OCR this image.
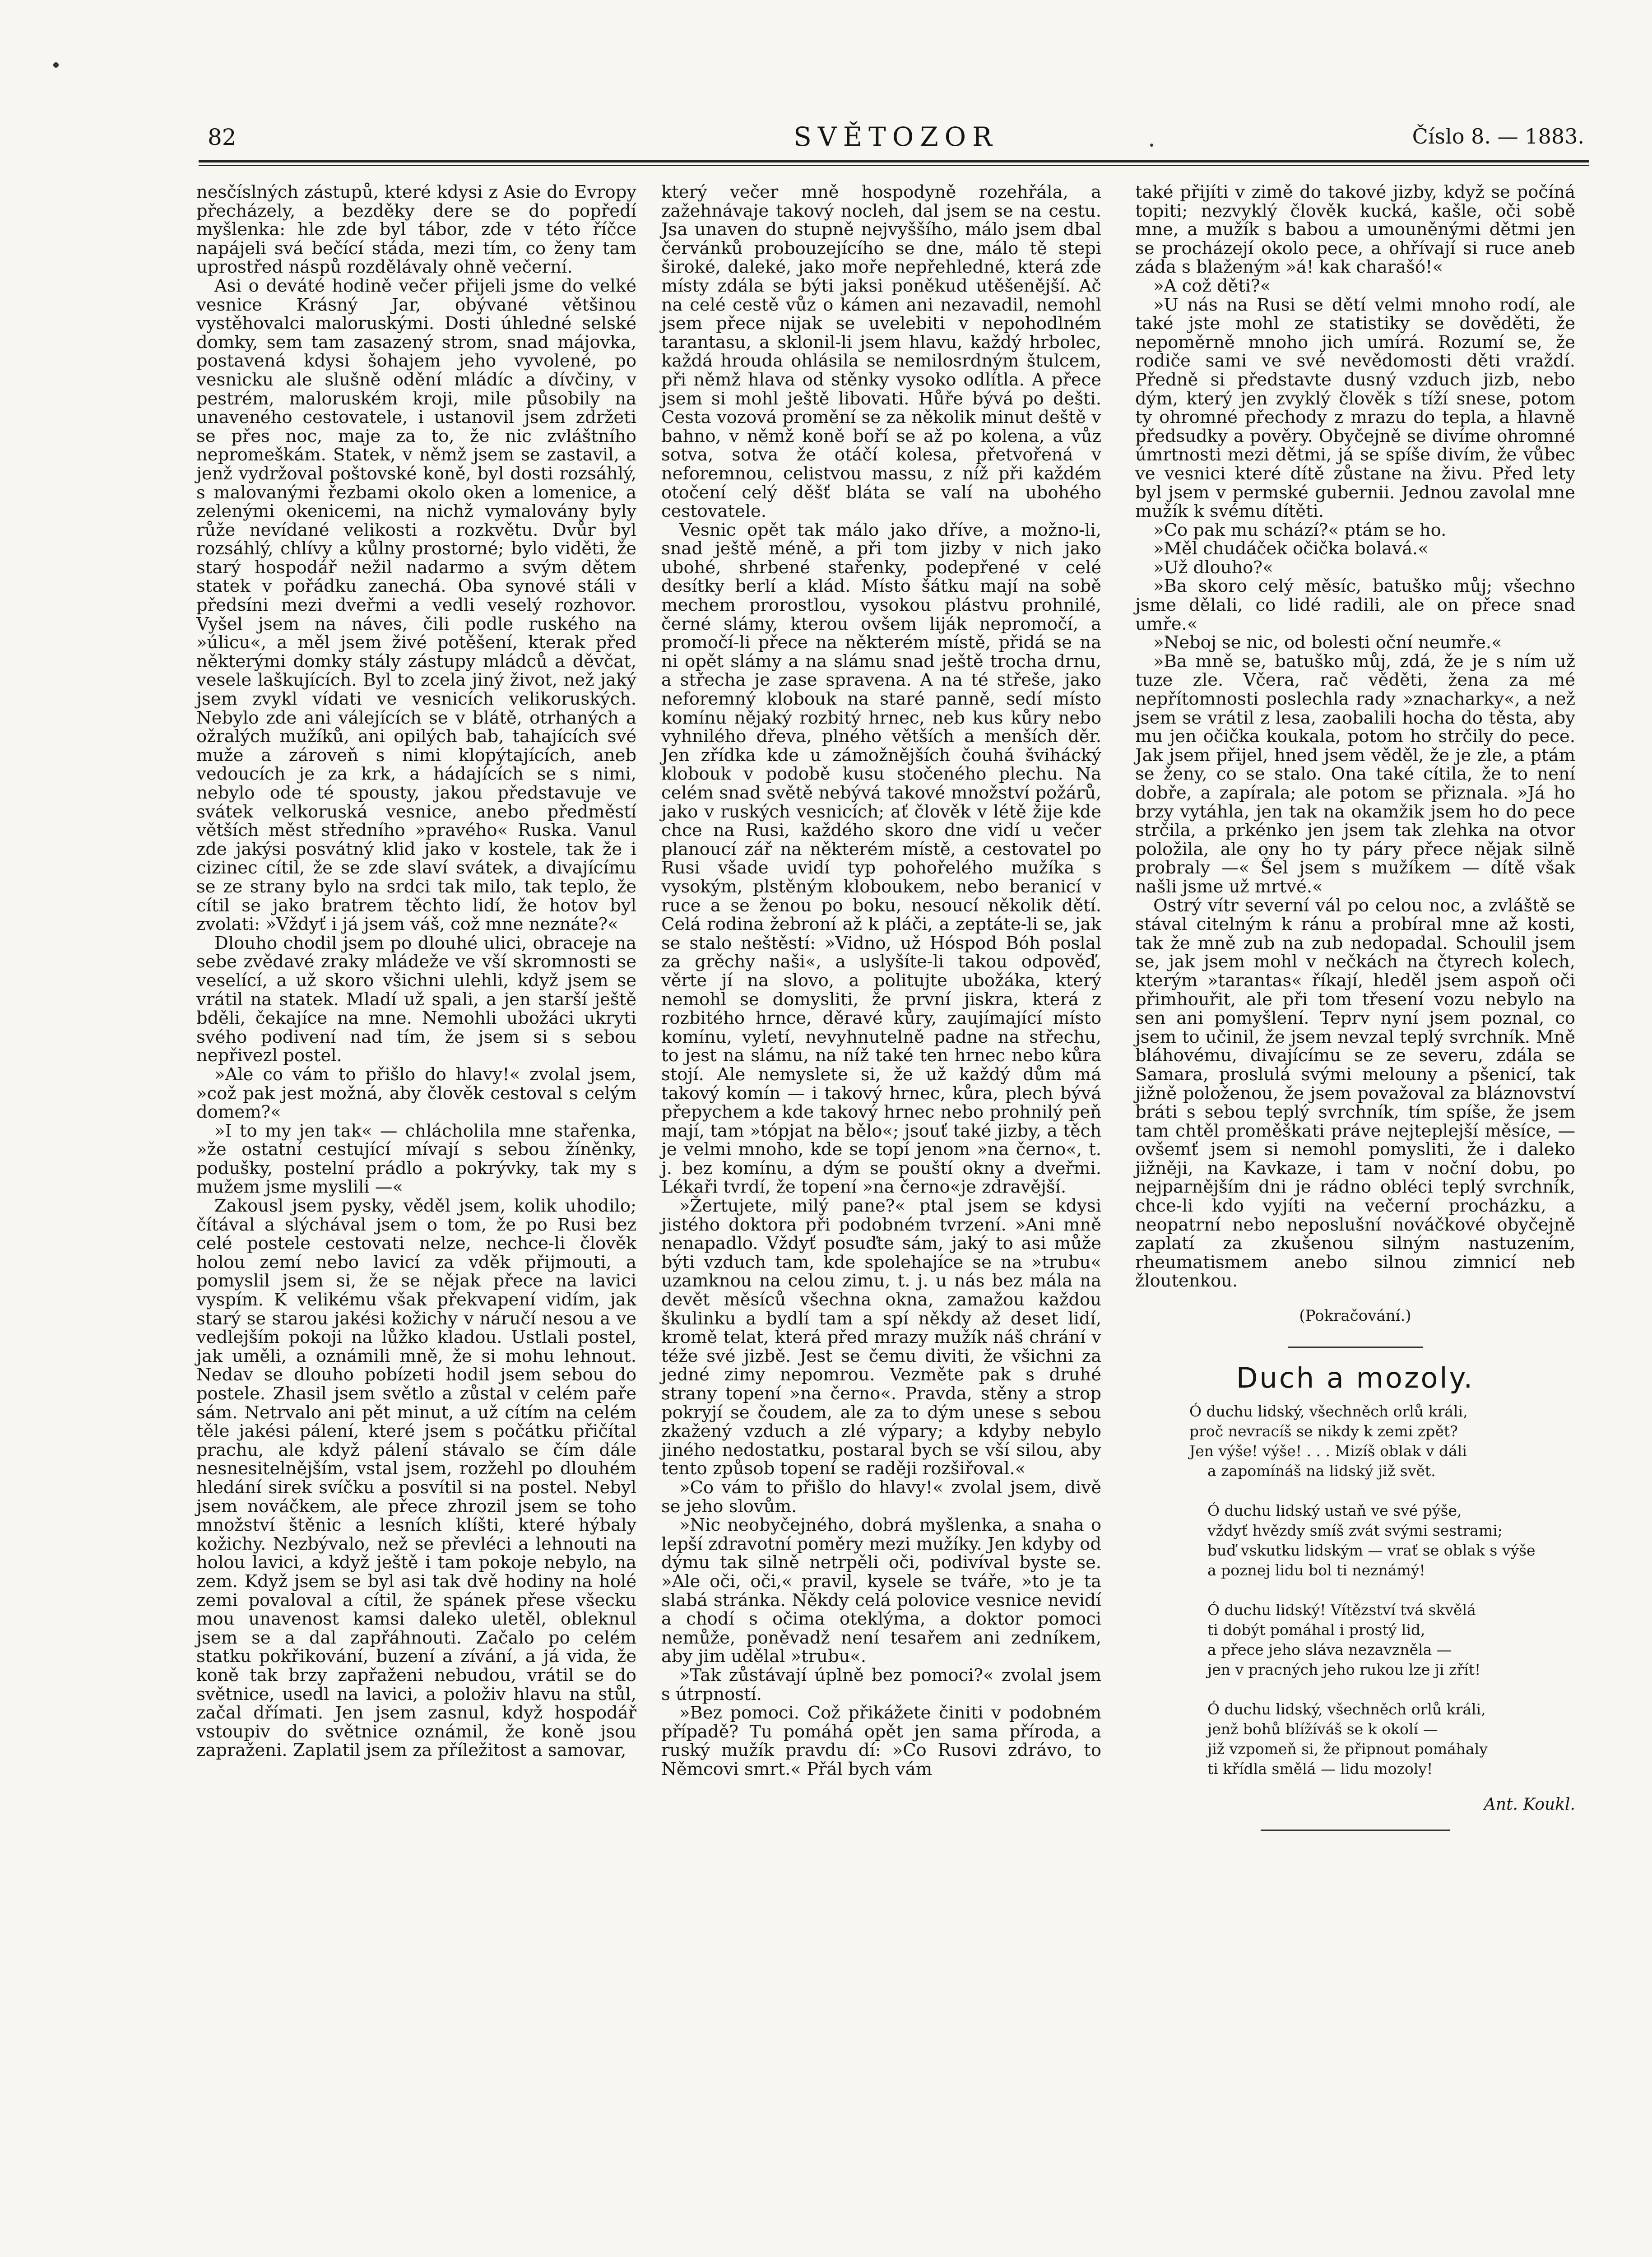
82	SVĚTOZOR	Číslo 8. — 1883.

nesčíslných zástupů, které kdysi z Asie do Evropy přecházely, a bezděky dere se do popředí myšlenka: hle zde byl tábor, zde v této říčce napájeli svá bečící stáda, mezi tím, co ženy tam uprostřed náspů rozdělávaly ohně večerní.

Asi o deváté hodině večer přijeli jsme do velké vesnice Krásný Jar, obývané většinou vystěhovalci maloruskými. Dosti úhledné selské domky, sem tam zasazený strom, snad májovka, postavená kdysi šohajem jeho vyvolené, po vesnicku ale slušně odění mládíc a dívčiny, v pestrém, maloruském kroji, mile působily na unaveného cestovatele, i ustanovil jsem zdržeti se přes noc, maje za to, že nic zvláštního nepromeškám. Statek, v němž jsem se zastavil, a jenž vydržoval poštovské koně, byl dosti rozsáhlý, s malovanými řezbami okolo oken a lomenice, a zelenými okenicemi, na nichž vymalovány byly růže nevídané velikosti a rozkvětu. Dvůr byl rozsáhlý, chlívy a kůlny prostorné; bylo viděti, že starý hospodář nežil nadarmo a svým dětem statek v pořádku zanechá. Oba synové stáli v předsíni mezi dveřmi a vedli veselý rozhovor. Vyšel jsem na náves, čili podle ruského na »úlicu«, a měl jsem živé potěšení, kterak před některými domky stály zástupy mládců a děvčat, vesele laškujících. Byl to zcela jiný život, než jaký jsem zvykl vídati ve vesnicích velikoruských. Nebylo zde ani válejících se v blátě, otrhaných a ožralých mužíků, ani opilých bab, tahajících své muže a zároveň s nimi klopýtajících, aneb vedoucích je za krk, a hádajících se s nimi, nebylo ode té spousty, jakou představuje ve svátek velkoruská vesnice, anebo předměstí větších měst středního »pravého« Ruska. Vanul zde jakýsi posvátný klid jako v kostele, tak že i cizinec cítil, že se zde slaví svátek, a divajícímu se ze strany bylo na srdci tak milo, tak teplo, že cítil se jako bratrem těchto lidí, že hotov byl zvolati: »Vždyť i já jsem váš, což mne neznáte?«

Dlouho chodil jsem po dlouhé ulici, obraceje na sebe zvědavé zraky mládeže ve vší skromnosti se veselící, a už skoro všichni ulehli, když jsem se vrátil na statek. Mladí už spali, a jen starší ještě bděli, čekajíce na mne. Nemohli ubožáci ukryti svého podivení nad tím, že jsem si s sebou nepřivezl postel.

»Ale co vám to přišlo do hlavy!« zvolal jsem, »což pak jest možná, aby člověk cestoval s celým domem?«

»I to my jen tak« — chlácholila mne stařenka, »že ostatní cestující mívají s sebou žíněnky, podušky, postelní prádlo a pokrývky, tak my s mužem jsme myslili —«

Zakousl jsem pysky, věděl jsem, kolik uhodilo; čítával a slýchával jsem o tom, že po Rusi bez celé postele cestovati nelze, nechce-li člověk holou zemí nebo lavicí za vděk přijmouti, a pomyslil jsem si, že se nějak přece na lavici vyspím. K velikému však překvapení vidím, jak starý se starou jakési kožichy v náručí nesou a ve vedlejším pokoji na lůžko kladou. Ustlali postel, jak uměli, a oznámili mně, že si mohu lehnout. Nedav se dlouho pobízeti hodil jsem sebou do postele. Zhasil jsem světlo a zůstal v celém paře sám. Netrvalo ani pět minut, a už cítím na celém těle jakési pálení, které jsem s počátku přičítal prachu, ale když pálení stávalo se čím dále nesnesitelnějším, vstal jsem, rozžehl po dlouhém hledání sirek svíčku a posvítil si na postel. Nebyl jsem nováčkem, ale přece zhrozil jsem se toho množství štěnic a lesních klíšti, které hýbaly kožichy. Nezbývalo, než se převléci a lehnouti na holou lavici, a když ještě i tam pokoje nebylo, na zem. Když jsem se byl asi tak dvě hodiny na holé zemi povaloval a cítil, že spánek přese všecku mou unavenost kamsi daleko uletěl, obleknul jsem se a dal zapřáhnouti. Začalo po celém statku pokřikování, buzení a zívání, a já vida, že koně tak brzy zapřaženi nebudou, vrátil se do světnice, usedl na lavici, a položiv hlavu na stůl, začal dřímati. Jen jsem zasnul, když hospodář vstoupiv do světnice oznámil, že koně jsou zapraženi. Zaplatil jsem za příležitost a samovar,

který večer mně hospodyně rozehřála, a zažehnávaje takový nocleh, dal jsem se na cestu. Jsa unaven do stupně nejvyššího, málo jsem dbal červánků probouzejícího se dne, málo tě stepi široké, daleké, jako moře nepřehledné, která zde místy zdála se býti jaksi poněkud utěšenější. Ač na celé cestě vůz o kámen ani nezavadil, nemohl jsem přece nijak se uvelebiti v nepohodlném tarantasu, a sklonil-li jsem hlavu, každý hrbolec, každá hrouda ohlásila se nemilosrdným štulcem, při němž hlava od stěnky vysoko odlítla. A přece jsem si mohl ještě libovati. Hůře bývá po dešti. Cesta vozová promění se za několik minut deště v bahno, v němž koně boří se až po kolena, a vůz sotva, sotva že otáčí kolesa, přetvořená v neforemnou, celistvou massu, z níž při každém otočení celý děšť bláta se valí na ubohého cestovatele.

Vesnic opět tak málo jako dříve, a možno-li, snad ještě méně, a při tom jizby v nich jako ubohé, shrbené stařenky, podepřené v celé desítky berlí a klád. Místo šátku mají na sobě mechem prorostlou, vysokou plástvu prohnilé, černé slámy, kterou ovšem liják nepromočí, a promočí-li přece na některém místě, přidá se na ni opět slámy a na slámu snad ještě trocha drnu, a střecha je zase spravena. A na té střeše, jako neforemný klobouk na staré panně, sedí místo komínu nějaký rozbitý hrnec, neb kus kůry nebo vyhnilého dřeva, plného větších a menších děr. Jen zřídka kde u zámožnějších čouhá švihácký klobouk v podobě kusu stočeného plechu. Na celém snad světě nebývá takové množství požárů, jako v ruských vesnicích; ať člověk v létě žije kde chce na Rusi, každého skoro dne vidí u večer planoucí zář na některém místě, a cestovatel po Rusi všade uvidí typ pohořelého mužíka s vysokým, plstěným kloboukem, nebo beranicí v ruce a se ženou po boku, nesoucí několik dětí. Celá rodina žebroní až k pláči, a zeptáte-li se, jak se stalo neštěstí: »Vidno, už Hóspod Bóh poslal za grěchy naši«, a uslyšíte-li takou odpověď, věrte jí na slovo, a politujte ubožáka, který nemohl se domysliti, že první jiskra, která z rozbitého hrnce, děravé kůry, zaujímající místo komínu, vyletí, nevyhnutelně padne na střechu, to jest na slámu, na níž také ten hrnec nebo kůra stojí. Ale nemyslete si, že už každý dům má takový komín — i takový hrnec, kůra, plech bývá přepychem a kde takový hrnec nebo prohnilý peň mají, tam »tópjat na bělo«; jsouť také jizby, a těch je velmi mnoho, kde se topí jenom »na černo«, t. j. bez komínu, a dým se pouští okny a dveřmi. Lékaři tvrdí, že topení »na černo«je zdravější.

»Žertujete, milý pane?« ptal jsem se kdysi jistého doktora při podobném tvrzení. »Ani mně nenapadlo. Vždyť posuďte sám, jaký to asi může býti vzduch tam, kde spolehajíce se na »trubu« uzamknou na celou zimu, t. j. u nás bez mála na devět měsíců všechna okna, zamažou každou škulinku a bydlí tam a spí někdy až deset lidí, kromě telat, která před mrazy mužík náš chrání v téže své jizbě. Jest se čemu diviti, že všichni za jedné zimy nepomrou. Vezměte pak s druhé strany topení »na černo«. Pravda, stěny a strop pokryjí se čoudem, ale za to dým unese s sebou zkažený vzduch a zlé výpary; a kdyby nebylo jiného nedostatku, postaral bych se vší silou, aby tento způsob topení se raději rozšiřoval.«

»Co vám to přišlo do hlavy!« zvolal jsem, divě se jeho slovům.

»Nic neobyčejného, dobrá myšlenka, a snaha o lepší zdravotní poměry mezi mužíky. Jen kdyby od dýmu tak silně netrpěli oči, podivíval byste se. »Ale oči, oči,« pravil, kysele se tváře, »to je ta slabá stránka. Někdy celá polovice vesnice nevidí a chodí s očima oteklýma, a doktor pomoci nemůže, poněvadž není tesařem ani zedníkem, aby jim udělal »trubu«.

»Tak zůstávají úplně bez pomoci?« zvolal jsem s útrpností.

»Bez pomoci. Což přikážete činiti v podobném případě? Tu pomáhá opět jen sama příroda, a ruský mužík pravdu dí: »Co Rusovi zdrávo, to Němcovi smrt.« Přál bych vám

také přijíti v zimě do takové jizby, když se počíná topiti; nezvyklý člověk kucká, kašle, oči sobě mne, a mužík s babou a umouněnými dětmi jen se procházejí okolo pece, a ohřívají si ruce aneb záda s blaženým »á! kak charašó!«

»A což děti?«

»U nás na Rusi se dětí velmi mnoho rodí, ale také jste mohl ze statistiky se dověděti, že nepoměrně mnoho jich umírá. Rozumí se, že rodiče sami ve své nevědomosti děti vraždí. Předně si představte dusný vzduch jizb, nebo dým, který jen zvyklý člověk s tíží snese, potom ty ohromné přechody z mrazu do tepla, a hlavně předsudky a pověry. Obyčejně se divíme ohromné úmrtnosti mezi dětmi, já se spíše divím, že vůbec ve vesnici které dítě zůstane na živu. Před lety byl jsem v permské gubernii. Jednou zavolal mne mužík k svému dítěti.

»Co pak mu schází?« ptám se ho.

»Měl chudáček očička bolavá.«

»Už dlouho?«

»Ba skoro celý měsíc, batuško můj; všechno jsme dělali, co lidé radili, ale on přece snad umře.«

»Neboj se nic, od bolesti oční neumře.«

»Ba mně se, batuško můj, zdá, že je s ním už tuze zle. Včera, rač věděti, žena za mé nepřítomnosti poslechla rady »znacharky«, a než jsem se vrátil z lesa, zaobalili hocha do těsta, aby mu jen očička koukala, potom ho strčily do pece. Jak jsem přijel, hned jsem věděl, že je zle, a ptám se ženy, co se stalo. Ona také cítila, že to není dobře, a zapírala; ale potom se přiznala. »Já ho brzy vytáhla, jen tak na okamžik jsem ho do pece strčila, a prkénko jen jsem tak zlehka na otvor položila, ale ony ho ty páry přece nějak silně probraly —« Šel jsem s mužíkem — dítě však našli jsme už mrtvé.«

Ostrý vítr severní vál po celou noc, a zvláště se stával citelným k ránu a probíral mne až kosti, tak že mně zub na zub nedopadal. Schoulil jsem se, jak jsem mohl v nečkách na čtyrech kolech, kterým »tarantas« říkají, hleděl jsem aspoň oči přimhouřit, ale při tom třesení vozu nebylo na sen ani pomyšlení. Teprv nyní jsem poznal, co jsem to učinil, že jsem nevzal teplý svrchník. Mně bláhovému, divajícímu se ze severu, zdála se Samara, proslulá svými melouny a pšenicí, tak jižně položenou, že jsem považoval za bláznovství bráti s sebou teplý svrchník, tím spíše, že jsem tam chtěl proměškati práve nejteplejší měsíce, — ovšemť jsem si nemohl pomysliti, že i daleko jižněji, na Kavkaze, i tam v noční dobu, po nejparnějším dni je rádno obléci teplý svrchník, chce-li kdo vyjíti na večerní procházku, a neopatrní nebo neposlušní nováčkové obyčejně zaplatí za zkušenou silným nastuzením, rheumatismem anebo silnou zimnicí neb žloutenkou.

(Pokračování.)

Duch a mozoly.
Ó duchu lidský, všechněch orlů králi,
proč nevracíš se nikdy k zemi zpět?
Jen výše! výše! . . . Mizíš oblak v dáli
a zapomínáš na lidský již svět.
Ó duchu lidský ustaň ve své pýše,
vždyť hvězdy smíš zvát svými sestrami;
buď vskutku lidským — vrať se oblak s výše
a poznej lidu bol ti neznámý!
Ó duchu lidský! Vítězství tvá skvělá
ti dobýt pomáhal i prostý lid,
a přece jeho sláva nezavzněla —
jen v pracných jeho rukou lze ji zřít!
Ó duchu lidský, všechněch orlů králi,
jenž bohů blížíváš se k okolí —
již vzpomeň si, že připnout pomáhaly
ti křídla smělá — lidu mozoly!
Ant. Koukl.
